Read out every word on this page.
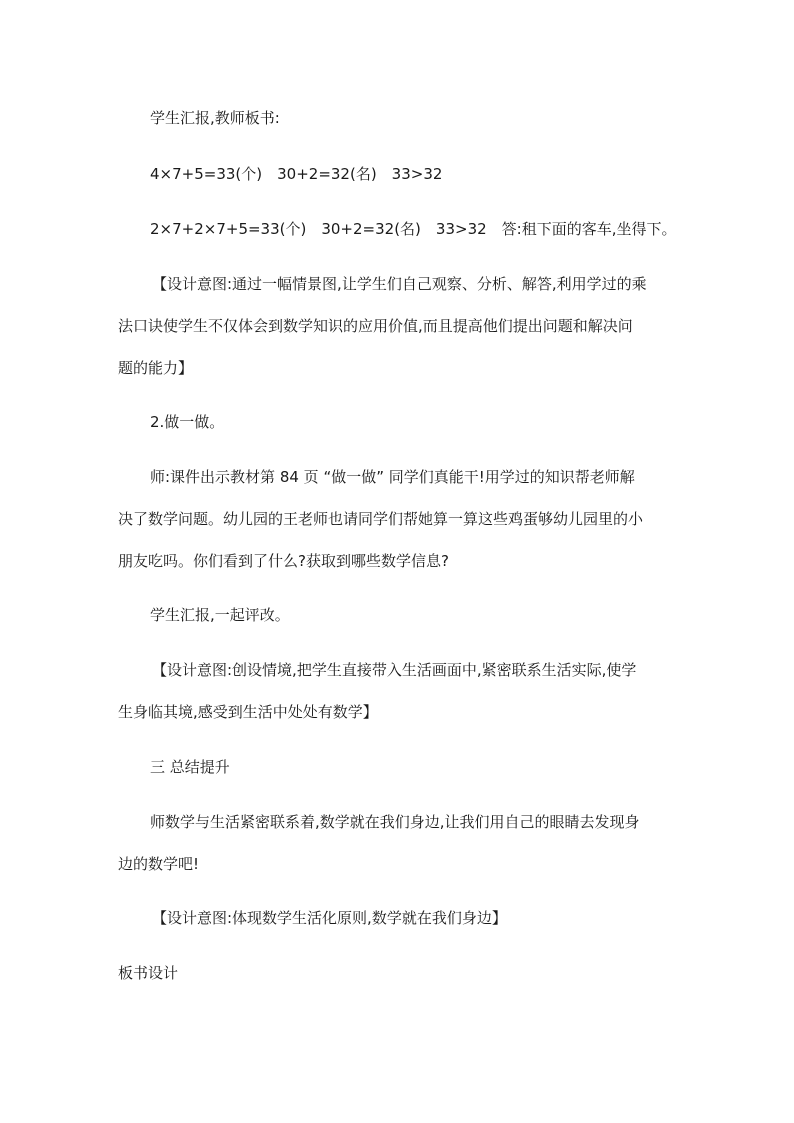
学生汇报,教师板书:
4×7+5=33(个)　30+2=32(名)　33>32
2×7+2×7+5=33(个)　30+2=32(名)　33>32　答:租下面的客车,坐得下。
【设计意图:通过一幅情景图,让学生们自己观察、分析、解答,利用学过的乘
法口诀使学生不仅体会到数学知识的应用价值,而且提高他们提出问题和解决问
题的能力】
2.做一做。
师:课件出示教材第 84 页 “做一做” 同学们真能干!用学过的知识帮老师解
决了数学问题。幼儿园的王老师也请同学们帮她算一算这些鸡蛋够幼儿园里的小
朋友吃吗。你们看到了什么?获取到哪些数学信息?
学生汇报,一起评改。
【设计意图:创设情境,把学生直接带入生活画面中,紧密联系生活实际,使学
生身临其境,感受到生活中处处有数学】
三 总结提升
师数学与生活紧密联系着,数学就在我们身边,让我们用自己的眼睛去发现身
边的数学吧!
【设计意图:体现数学生活化原则,数学就在我们身边】
板书设计
